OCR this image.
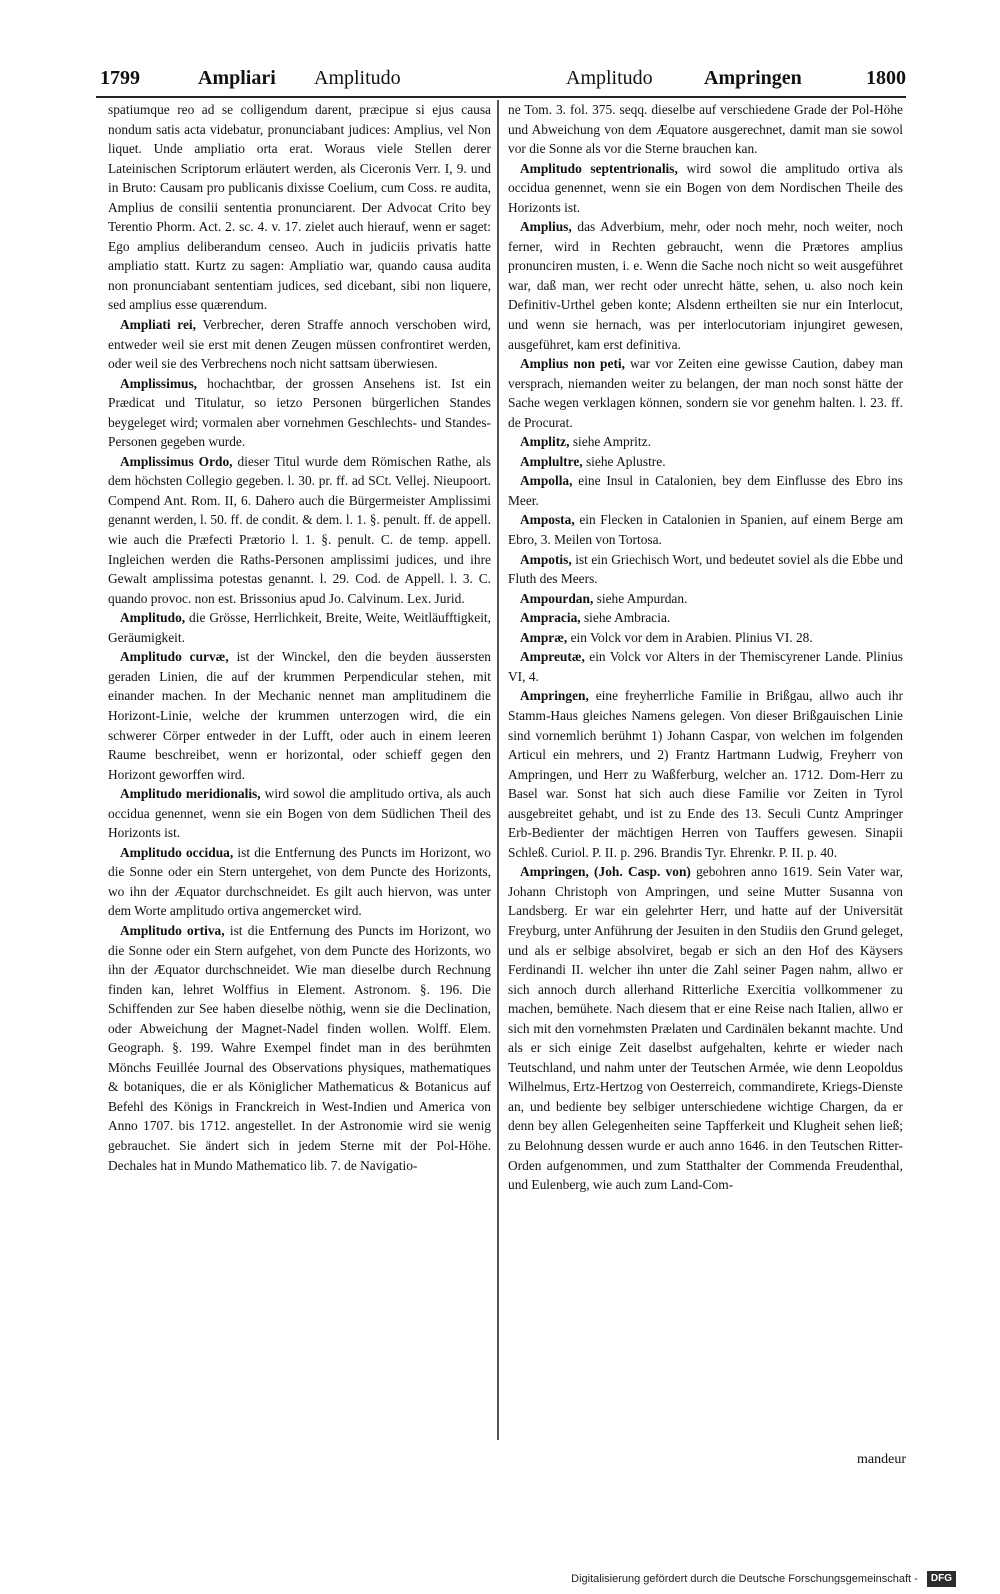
1799	Ampliari Amplitudo	Amplitudo	Ampringen	1800

spatiumque reo ad se colligendum darent, præcipue si ejus causa nondum satis acta videbatur, pronunciabant judices: Amplius, vel Non liquet. Unde ampliatio orta erat. Woraus viele Stellen derer Lateinischen Scriptorum erläutert werden, als Ciceronis Verr. I, 9. und in Bruto: Causam pro publicanis dixisse Coelium, cum Coss. re audita, Amplius de consilii sententia pronunciarent. Der Advocat Crito bey Terentio Phorm. Act. 2. sc. 4. v. 17. zielet auch hierauf, wenn er saget: Ego amplius deliberandum censeo. Auch in judiciis privatis hatte ampliatio statt. Kurtz zu sagen: Ampliatio war, quando causa audita non pronunciabant sententiam judices, sed dicebant, sibi non liquere, sed amplius esse quærendum.

Ampliati rei, Verbrecher, deren Straffe annoch verschoben wird, entweder weil sie erst mit denen Zeugen müssen confrontiret werden, oder weil sie des Verbrechens noch nicht sattsam überwiesen.

Amplissimus, hochachtbar, der grossen Ansehens ist. Ist ein Prædicat und Titulatur, so ietzo Personen bürgerlichen Standes beygeleget wird; vormalen aber vornehmen Geschlechts- und Standes-Personen gegeben wurde.

Amplissimus Ordo, dieser Titul wurde dem Römischen Rathe, als dem höchsten Collegio gegeben. l. 30. pr. ff. ad SCt. Vellej. Nieupoort. Compend Ant. Rom. II, 6. Dahero auch die Bürgermeister Amplissimi genannt werden, l. 50. ff. de condit. & dem. l. 1. §. penult. ff. de appell. wie auch die Præfecti Prætorio l. 1. §. penult. C. de temp. appell. Ingleichen werden die Raths-Personen amplissimi judices, und ihre Gewalt amplissima potestas genannt. l. 29. Cod. de Appell. l. 3. C. quando provoc. non est. Brissonius apud Jo. Calvinum. Lex. Jurid.

Amplitudo, die Grösse, Herrlichkeit, Breite, Weite, Weitläufftigkeit, Geräumigkeit.

Amplitudo curvæ, ist der Winckel, den die beyden äussersten geraden Linien, die auf der krummen Perpendicular stehen, mit einander machen. In der Mechanic nennet man amplitudinem die Horizont-Linie, welche der krummen unterzogen wird, die ein schwerer Cörper entweder in der Lufft, oder auch in einem leeren Raume beschreibet, wenn er horizontal, oder schieff gegen den Horizont geworffen wird.

Amplitudo meridionalis, wird sowol die amplitudo ortiva, als auch occidua genennet, wenn sie ein Bogen von dem Südlichen Theil des Horizonts ist.

Amplitudo occidua, ist die Entfernung des Puncts im Horizont, wo die Sonne oder ein Stern untergehet, von dem Puncte des Horizonts, wo ihn der Æquator durchschneidet. Es gilt auch hiervon, was unter dem Worte amplitudo ortiva angemercket wird.

Amplitudo ortiva, ist die Entfernung des Puncts im Horizont, wo die Sonne oder ein Stern aufgehet, von dem Puncte des Horizonts, wo ihn der Æquator durchschneidet. Wie man dieselbe durch Rechnung finden kan, lehret Wolffius in Element. Astronom. §. 196. Die Schiffenden zur See haben dieselbe nöthig, wenn sie die Declination, oder Abweichung der Magnet-Nadel finden wollen. Wolff. Elem. Geograph. §. 199. Wahre Exempel findet man in des berühmten Mönchs Feuillée Journal des Observations physiques, mathematiques & botaniques, die er als Königlicher Mathematicus & Botanicus auf Befehl des Königs in Franckreich in West-Indien und America von Anno 1707. bis 1712. angestellet. In der Astronomie wird sie wenig gebrauchet. Sie ändert sich in jedem Sterne mit der Pol-Höhe. Dechales hat in Mundo Mathematico lib. 7. de Navigatio-

ne Tom. 3. fol. 375. seqq. dieselbe auf verschiedene Grade der Pol-Höhe und Abweichung von dem Æquatore ausgerechnet, damit man sie sowol vor die Sonne als vor die Sterne brauchen kan.

Amplitudo septentrionalis, wird sowol die amplitudo ortiva als occidua genennet, wenn sie ein Bogen von dem Nordischen Theile des Horizonts ist.

Amplius, das Adverbium, mehr, oder noch mehr, noch weiter, noch ferner, wird in Rechten gebraucht, wenn die Prætores amplius pronunciren musten, i. e. Wenn die Sache noch nicht so weit ausgeführet war, daß man, wer recht oder unrecht hätte, sehen, u. also noch kein Definitiv-Urthel geben konte; Alsdenn ertheilten sie nur ein Interlocut, und wenn sie hernach, was per interlocutoriam injungiret gewesen, ausgeführet, kam erst definitiva.

Amplius non peti, war vor Zeiten eine gewisse Caution, dabey man versprach, niemanden weiter zu belangen, der man noch sonst hätte der Sache wegen verklagen können, sondern sie vor genehm halten. l. 23. ff. de Procurat.

Amplitz, siehe Ampritz.

Amplultre, siehe Aplustre.

Ampolla, eine Insul in Catalonien, bey dem Einflusse des Ebro ins Meer.

Amposta, ein Flecken in Catalonien in Spanien, auf einem Berge am Ebro, 3. Meilen von Tortosa.

Ampotis, ist ein Griechisch Wort, und bedeutet soviel als die Ebbe und Fluth des Meers.

Ampourdan, siehe Ampurdan.

Ampracia, siehe Ambracia.

Ampræ, ein Volck vor dem in Arabien. Plinius VI. 28.

Ampreutæ, ein Volck vor Alters in der Themiscyrener Lande. Plinius VI, 4.

Ampringen, eine freyherrliche Familie in Brißgau, allwo auch ihr Stamm-Haus gleiches Namens gelegen. Von dieser Brißgauischen Linie sind vornemlich berühmt 1) Johann Caspar, von welchen im folgenden Articul ein mehrers, und 2) Frantz Hartmann Ludwig, Freyherr von Ampringen, und Herr zu Waßferburg, welcher an. 1712. Dom-Herr zu Basel war. Sonst hat sich auch diese Familie vor Zeiten in Tyrol ausgebreitet gehabt, und ist zu Ende des 13. Seculi Cuntz Ampringer Erb-Bedienter der mächtigen Herren von Tauffers gewesen. Sinapii Schleß. Curiol. P. II. p. 296. Brandis Tyr. Ehrenkr. P. II. p. 40.

Ampringen, (Joh. Casp. von) gebohren anno 1619. Sein Vater war, Johann Christoph von Ampringen, und seine Mutter Susanna von Landsberg. Er war ein gelehrter Herr, und hatte auf der Universität Freyburg, unter Anführung der Jesuiten in den Studiis den Grund geleget, und als er selbige absolviret, begab er sich an den Hof des Käysers Ferdinandi II. welcher ihn unter die Zahl seiner Pagen nahm, allwo er sich annoch durch allerhand Ritterliche Exercitia vollkommener zu machen, bemühete. Nach diesem that er eine Reise nach Italien, allwo er sich mit den vornehmsten Prælaten und Cardinälen bekannt machte. Und als er sich einige Zeit daselbst aufgehalten, kehrte er wieder nach Teutschland, und nahm unter der Teutschen Armée, wie denn Leopoldus Wilhelmus, Ertz-Hertzog von Oesterreich, commandirete, Kriegs-Dienste an, und bediente bey selbiger unterschiedene wichtige Chargen, da er denn bey allen Gelegenheiten seine Tapfferkeit und Klugheit sehen ließ; zu Belohnung dessen wurde er auch anno 1646. in den Teutschen Ritter-Orden aufgenommen, und zum Statthalter der Commenda Freudenthal, und Eulenberg, wie auch zum Land-Com-

mandeur
Digitalisierung gefördert durch die Deutsche Forschungsgemeinschaft - DFG
